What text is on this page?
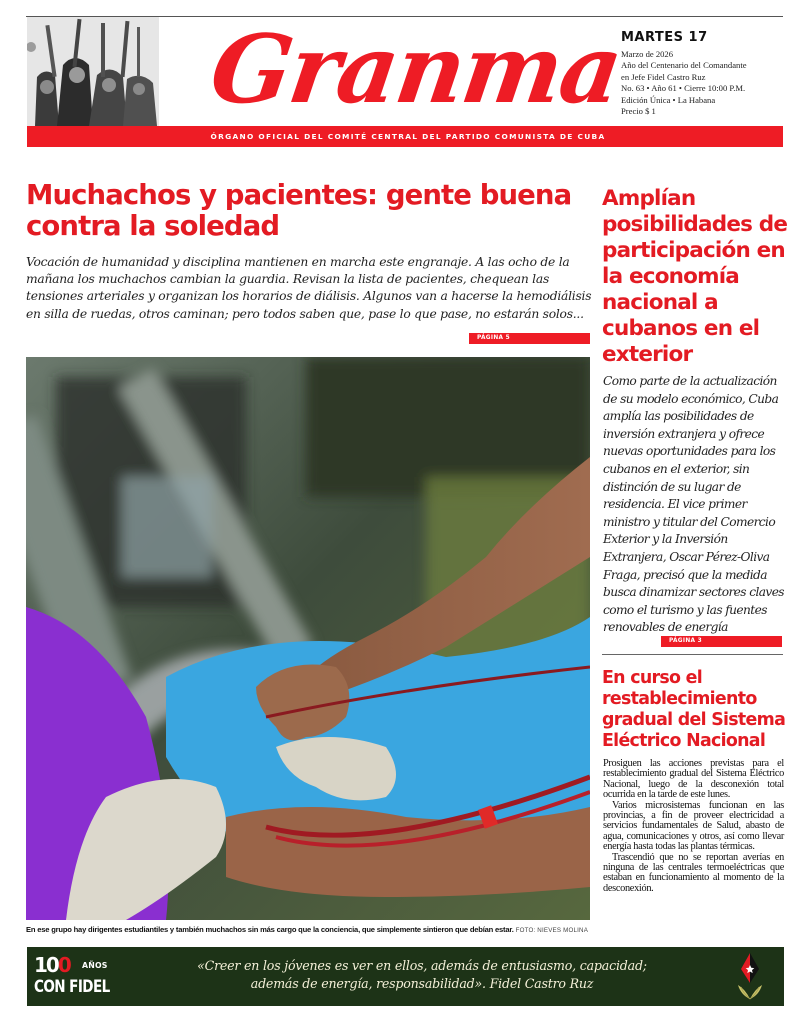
Granma
MARTES 17
Marzo de 2026
Año del Centenario del Comandante
en Jefe Fidel Castro Ruz
No. 63 • Año 61 • Cierre 10:00 P.M.
Edición Única • La Habana
Precio $ 1
ÓRGANO OFICIAL DEL COMITÉ CENTRAL DEL PARTIDO COMUNISTA DE CUBA
Muchachos y pacientes: gente buena contra la soledad

Vocación de humanidad y disciplina mantienen en marcha este engranaje. A las ocho de la mañana los muchachos cambian la guardia. Revisan la lista de pacientes, chequean las tensiones arteriales y organizan los horarios de diálisis. Algunos van a hacerse la hemodiálisis en silla de ruedas, otros caminan; pero todos saben que, pase lo que pase, no estarán solos...

PÁGINA 5
En ese grupo hay dirigentes estudiantiles y también muchachos sin más cargo que la conciencia, que simplemente sintieron que debían estar. FOTO: NIEVES MOLINA
Amplían posibilidades de participación en la economía nacional a cubanos en el exterior

Como parte de la actualización de su modelo económico, Cuba amplía las posibilidades de inversión extranjera y ofrece nuevas oportunidades para los cubanos en el exterior, sin distinción de su lugar de residencia. El vice primer ministro y titular del Comercio Exterior y la Inversión Extranjera, Oscar Pérez-Oliva Fraga, precisó que la medida busca dinamizar sectores claves como el turismo y las fuentes renovables de energía

PÁGINA 3
En curso el restablecimiento gradual del Sistema Eléctrico Nacional

Prosiguen las acciones previstas para el restablecimiento gradual del Sistema Eléctrico Nacional, luego de la desconexión total ocurrida en la tarde de este lunes.

Varios microsistemas funcionan en las provincias, a fin de proveer electricidad a servicios fundamentales de Salud, abasto de agua, comunicaciones y otros, así como llevar energía hasta todas las plantas térmicas.

Trascendió que no se reportan averías en ninguna de las centrales termoeléctricas que estaban en funcionamiento al momento de la desconexión.

100 AÑOS
CON FIDEL
«Creer en los jóvenes es ver en ellos, además de entusiasmo, capacidad;
además de energía, responsabilidad». Fidel Castro Ruz
